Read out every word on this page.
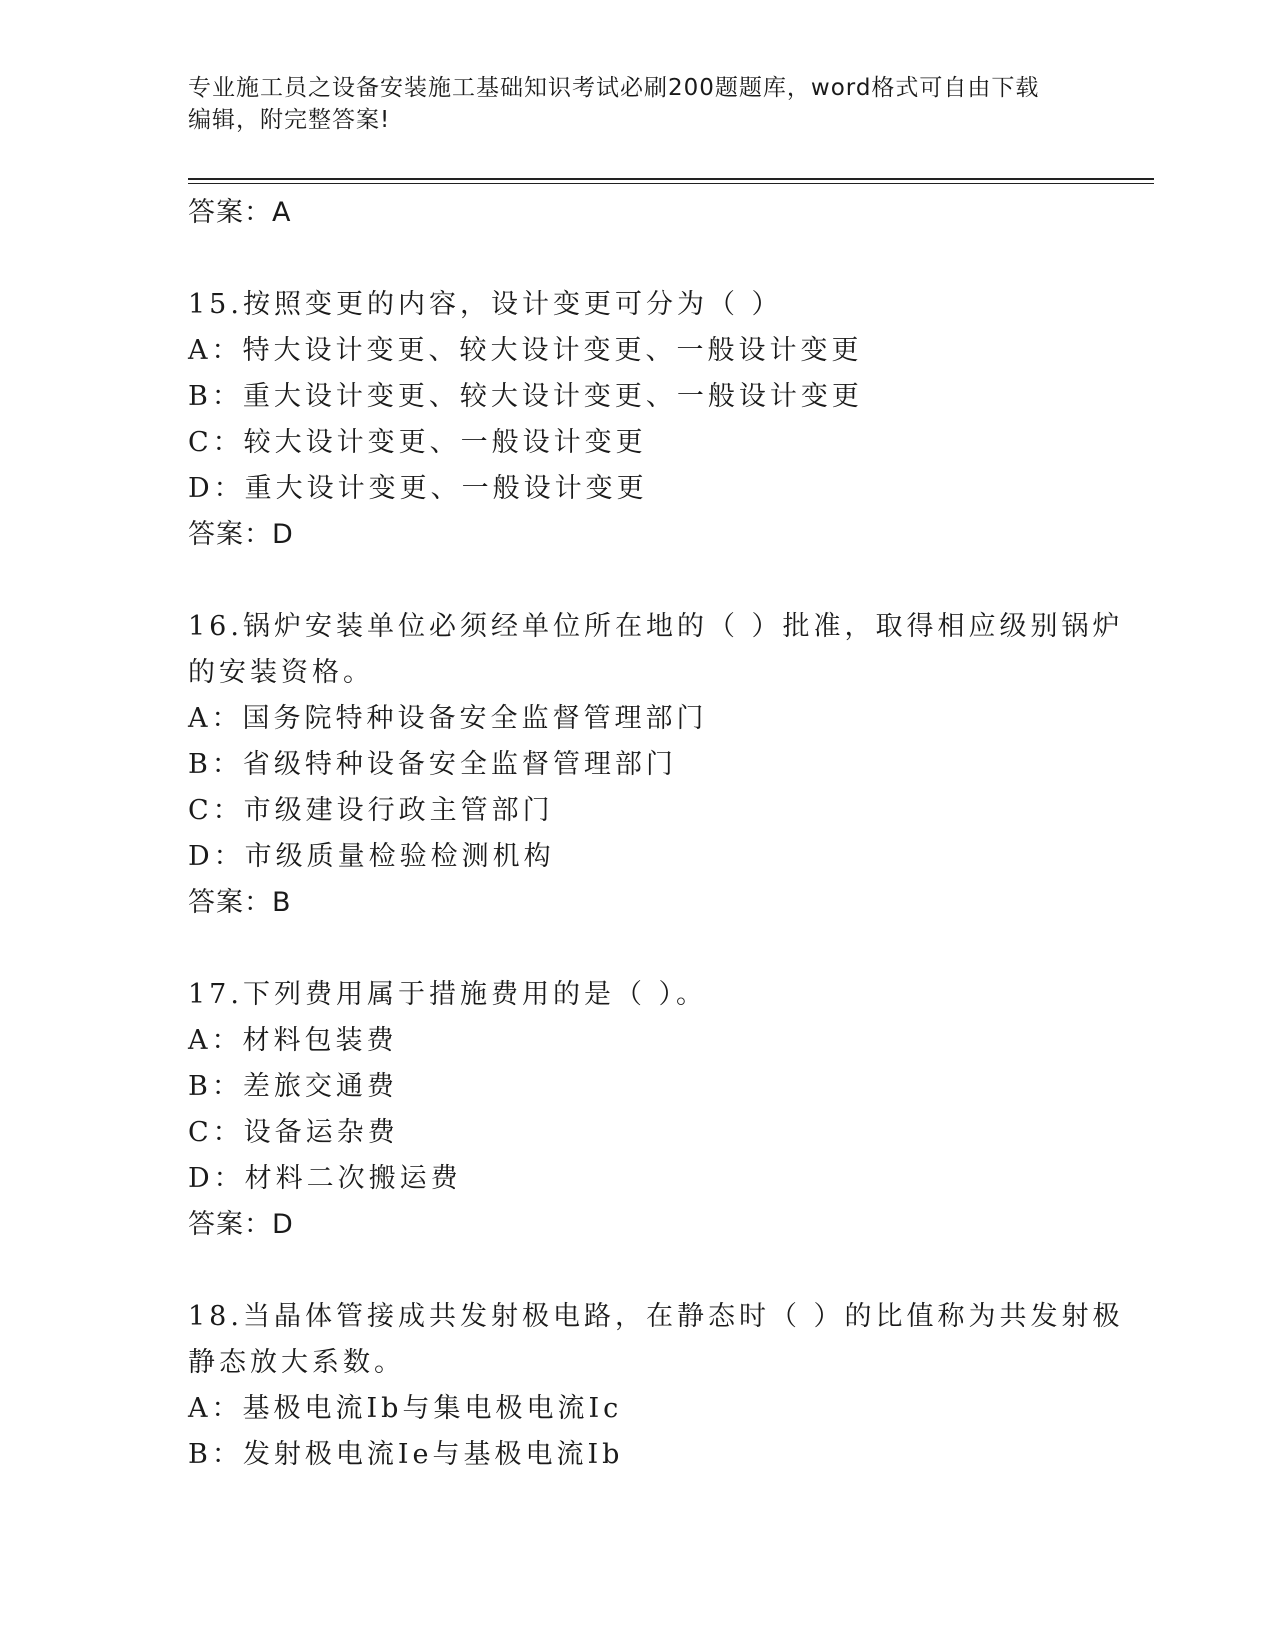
专业施工员之设备安装施工基础知识考试必刷200题题库，word格式可自由下载
编辑，附完整答案!
答案：A
15.按照变更的内容，设计变更可分为（ ）
A：特大设计变更、较大设计变更、一般设计变更
B：重大设计变更、较大设计变更、一般设计变更
C：较大设计变更、一般设计变更
D：重大设计变更、一般设计变更
答案：D
16.锅炉安装单位必须经单位所在地的（ ）批准，取得相应级别锅炉
的安装资格。
A：国务院特种设备安全监督管理部门
B：省级特种设备安全监督管理部门
C：市级建设行政主管部门
D：市级质量检验检测机构
答案：B
17.下列费用属于措施费用的是（ ）。
A：材料包装费
B：差旅交通费
C：设备运杂费
D：材料二次搬运费
答案：D
18.当晶体管接成共发射极电路，在静态时（ ）的比值称为共发射极
静态放大系数。
A：基极电流Ib与集电极电流Ic
B：发射极电流Ie与基极电流Ib
